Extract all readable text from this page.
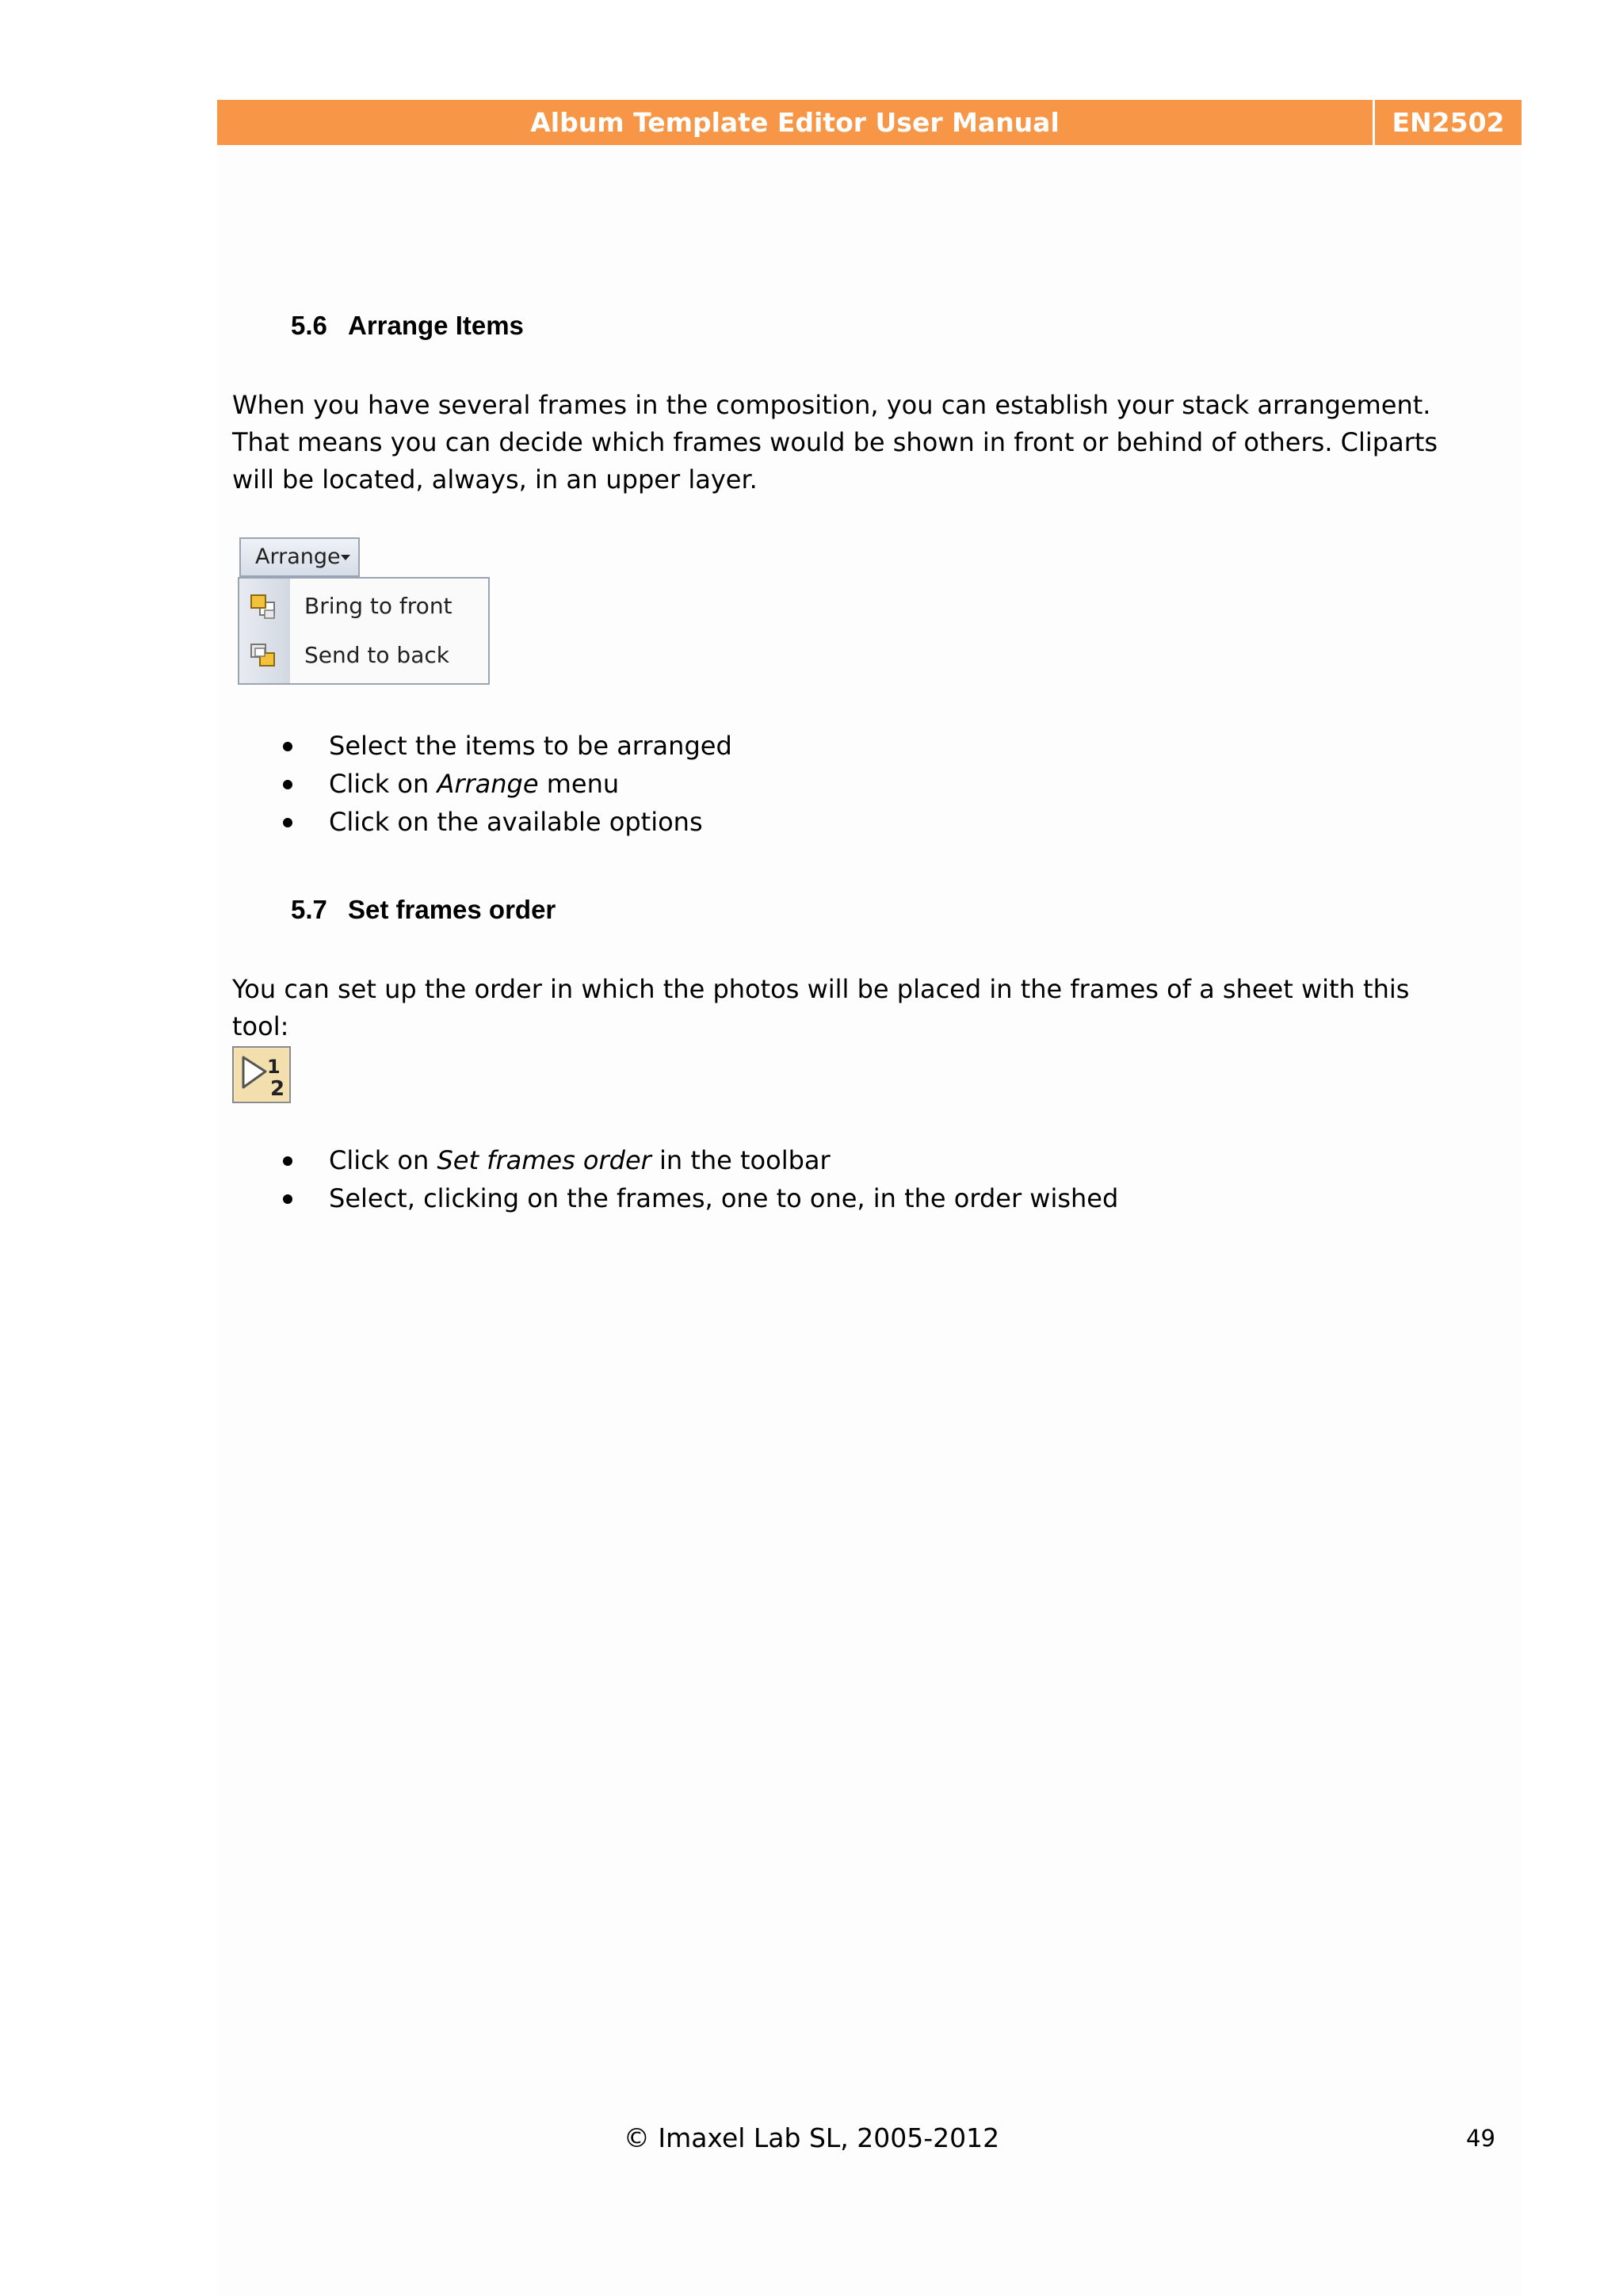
Album Template Editor User Manual	EN2502
5.6 Arrange Items
When you have several frames in the composition, you can establish your stack arrangement. That means you can decide which frames would be shown in front or behind of others. Cliparts will be located, always, in an upper layer.
Arrange
Bring to front
Send to back
Select the items to be arranged
Click on Arrange menu
Click on the available options
5.7 Set frames order
You can set up the order in which the photos will be placed in the frames of a sheet with this tool:
1
2
Click on Set frames order in the toolbar
Select, clicking on the frames, one to one, in the order wished
© Imaxel Lab SL, 2005-2012	49
